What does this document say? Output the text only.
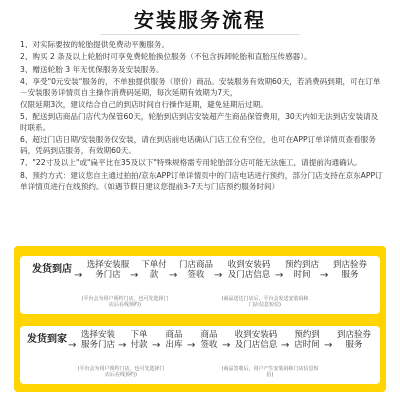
安装服务流程
1、对实际要按的轮胎提供免费动平衡服务。
2、购买 2 条及以上轮胎时可享免费轮胎换位服务（不包含拆卸轮胎和直胎压传感器）。
3、赠送轮胎 3 年无忧保服务及安装服务。
4、享受"0元安装"服务的，不单独提供服务（原价）商品。安装服务有效期60天，若消费码到期，可在订单－安装服务详情页自主操作消费码延期，每次延期有效期为7天，
仅限延期3次，建议结合自己的到店时间自行操作延期，避免延期后过期。
5、配送到店商品门店代为保管60天，轮胎到店到店安装超产生商品保管费用，30天内如无法到店安装请及时联系。
6、超过门店日期/安装服务仅安装，请在到店前电话确认门店工位有空位，也可在APP订单详情页查看服务码，凭码到店服务，有效期60天。
7、"22寸及以上"或"扁平比在35及以下"特殊规格需专用轮胎部分店可能无法施工，请提前沟通确认。
8、预约方式：建议您自主通过拍拍/京东APP订单详情页中的门店电话进行预约，部分门店支持在京东APP订单详情页进行在线预约。（如遇节假日建议您提前3-7天与门店预约服务时间）
发货到店
→
选择安装服务门店 →
下单付款	→
门店商品签收 →
收到安装码及门店信息 →
预约到店时间 →
到店验券服务
(平台会为用户预约门店，也可先选择门店后在线预约)
(商品送达门店后，平台会发送安装码和门店信息短信)
发货到家
→
选择安装服务门店 →
下单付款 →
商品出库 →
商品签收 →
收到安装码及门店信息 →
预约到店时间 →
到店验券服务
(平台会为用户预约门店，也可先选择门店后在线预约)
(商品签收后，用户产生安装码和门店信息短信)
